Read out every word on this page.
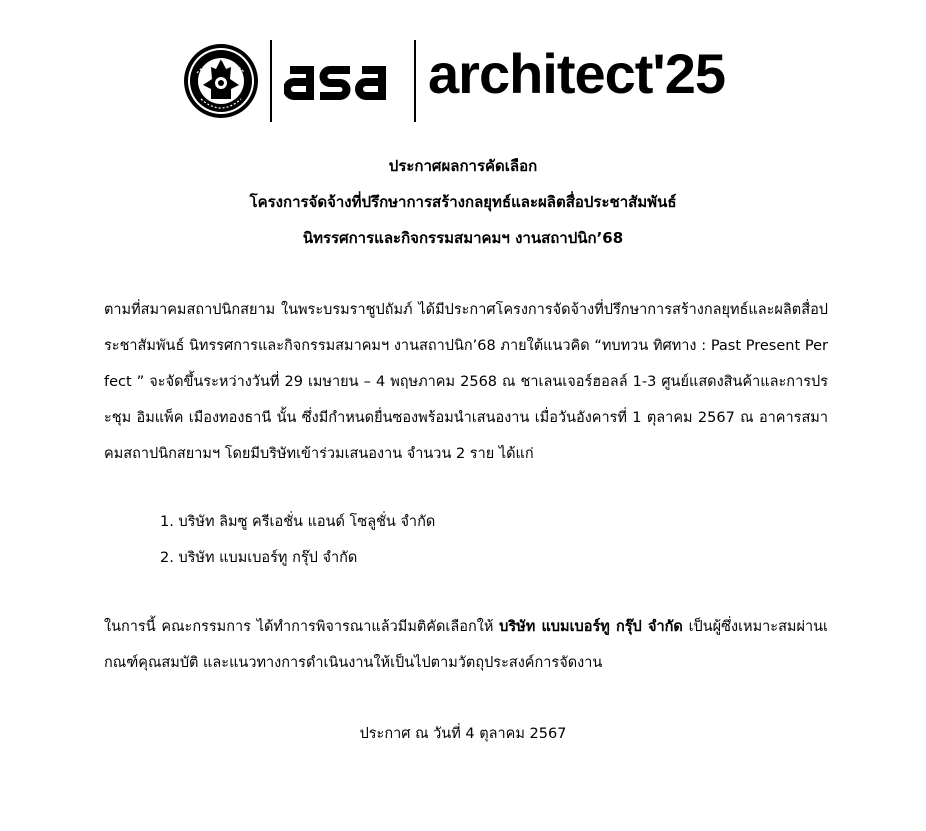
architect'25
ประกาศผลการคัดเลือก
โครงการจัดจ้างที่ปรึกษาการสร้างกลยุทธ์และผลิตสื่อประชาสัมพันธ์
นิทรรศการและกิจกรรมสมาคมฯ งานสถาปนิก’68
ตามที่สมาคมสถาปนิกสยาม ในพระบรมราชูปถัมภ์ ได้มีประกาศโครงการจัดจ้างที่ปรึกษาการสร้างกลยุทธ์และผลิตสื่อประชาสัมพันธ์ นิทรรศการและกิจกรรมสมาคมฯ งานสถาปนิก’68 ภายใต้แนวคิด “ทบทวน ทิศทาง : Past Present Perfect ” จะจัดขึ้นระหว่างวันที่ 29 เมษายน – 4 พฤษภาคม 2568 ณ ชาเลนเจอร์ฮอลล์ 1-3 ศูนย์แสดงสินค้าและการประชุม อิมแพ็ค เมืองทองธานี นั้น ซึ่งมีกำหนดยื่นซองพร้อมนำเสนองาน เมื่อวันอังคารที่ 1 ตุลาคม 2567 ณ อาคารสมาคมสถาปนิกสยามฯ โดยมีบริษัทเข้าร่วมเสนองาน จำนวน 2 ราย ได้แก่
1. บริษัท ลิมซู ครีเอชั่น แอนด์ โซลูชั่น จำกัด
2. บริษัท แบมเบอร์ทู กรุ๊ป จำกัด
ในการนี้ คณะกรรมการ ได้ทำการพิจารณาแล้วมีมติคัดเลือกให้ บริษัท แบมเบอร์ทู กรุ๊ป จำกัด เป็นผู้ซึ่งเหมาะสมผ่านเกณฑ์คุณสมบัติ และแนวทางการดำเนินงานให้เป็นไปตามวัตถุประสงค์การจัดงาน
ประกาศ ณ วันที่ 4 ตุลาคม 2567
